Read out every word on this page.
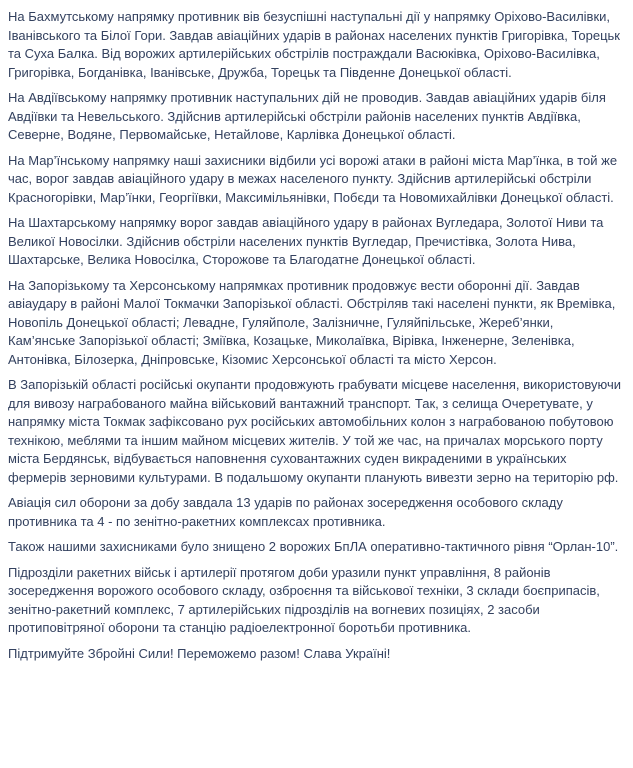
На Бахмутському напрямку противник вів безуспішні наступальні дії у напрямку Оріхово-Василівки, Іванівського та Білої Гори. Завдав авіаційних ударів в районах населених пунктів Григорівка, Торецьк та Суха Балка. Від ворожих артилерійських обстрілів постраждали Васюківка, Оріхово-Василівка, Григорівка, Богданівка, Іванівське, Дружба, Торецьк та Південне Донецької області.

На Авдіївському напрямку противник наступальних дій не проводив. Завдав авіаційних ударів біля Авдіївки та Невельського. Здійснив артилерійські обстріли районів населених пунктів Авдіївка, Северне, Водяне, Первомайське, Нетайлове, Карлівка Донецької області.

На Мар’їнському напрямку наші захисники відбили усі ворожі атаки в районі міста Мар’їнка, в той же час, ворог завдав авіаційного удару в межах населеного пункту. Здійснив артилерійські обстріли Красногорівки, Мар’їнки, Георгіївки, Максимільянівки, Побєди та Новомихайлівки Донецької області.

На Шахтарському напрямку ворог завдав авіаційного удару в районах Вугледара, Золотої Ниви та Великої Новосілки. Здійснив обстріли населених пунктів Вугледар, Пречистівка, Золота Нива, Шахтарське, Велика Новосілка, Сторожове та Благодатне Донецької області.

На Запорізькому та Херсонському напрямках противник продовжує вести оборонні дії. Завдав авіаудару в районі Малої Токмачки Запорізької області. Обстріляв такі населені пункти, як Времівка, Новопіль Донецької області; Левадне, Гуляйполе, Залізничне, Гуляйпільське, Жереб’янки, Кам’янське Запорізької області; Зміївка, Козацьке, Миколаївка, Вірівка, Інженерне, Зеленівка, Антонівка, Білозерка, Дніпровське, Кізомис Херсонської області та місто Херсон.

В Запорізькій області російські окупанти продовжують грабувати місцеве населення, використовуючи для вивозу награбованого майна військовий вантажний транспорт. Так, з селища Очеретувате, у напрямку міста Токмак зафіксовано рух російських автомобільних колон з награбованою побутовою технікою, меблями та іншим майном місцевих жителів. У той же час, на причалах морського порту міста Бердянськ, відбувається наповнення суховантажних суден викраденими в українських фермерів зерновими культурами. В подальшому окупанти планують вивезти зерно на територію рф.

Авіація сил оборони за добу завдала 13 ударів по районах зосередження особового складу противника та 4 - по зенітно-ракетних комплексах противника.

Також нашими захисниками було знищено 2 ворожих БпЛА оперативно-тактичного рівня “Орлан-10”.

Підрозділи ракетних військ і артилерії протягом доби уразили пункт управління, 8 районів зосередження ворожого особового складу, озброєння та військової техніки, 3 склади боєприпасів, зенітно-ракетний комплекс, 7 артилерійських підрозділів на вогневих позиціях, 2 засоби протиповітряної оборони та станцію радіоелектронної боротьби противника.

Підтримуйте Збройні Сили! Переможемо разом! Слава Україні!
